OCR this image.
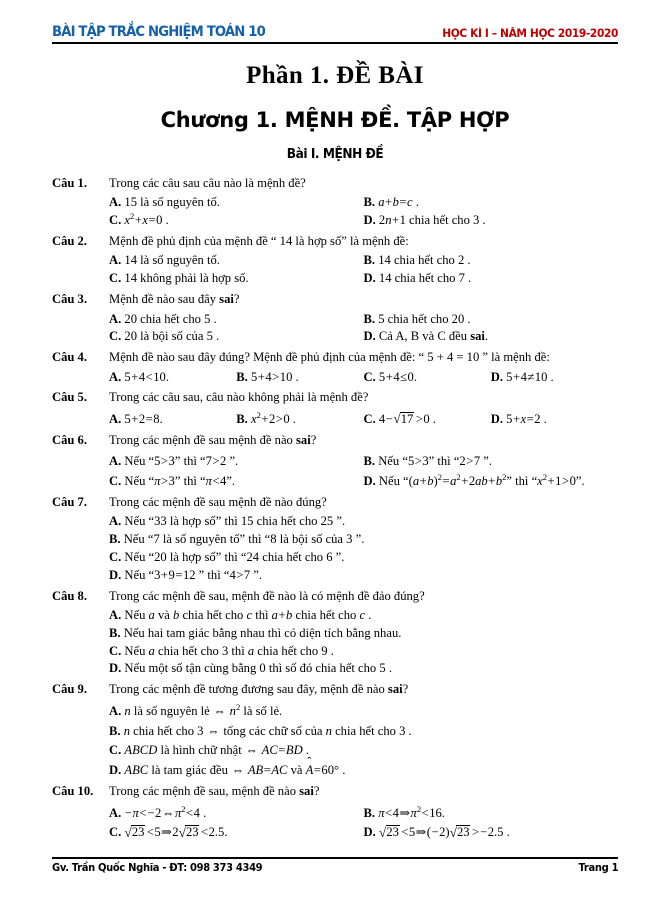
BÀI TẬP TRẮC NGHIỆM TOÁN 10	HỌC KÌ I – NĂM HỌC 2019-2020
Phần 1. ĐỀ BÀI
Chương 1. MỆNH ĐỀ. TẬP HỢP
Bài I. MỆNH ĐỀ
Câu 1.	Trong các câu sau câu nào là mệnh đề?
A. 15 là số nguyên tố.	B. a+b=c .
C. $x^2+x=0$ .	D. 2n+1 chia hết cho 3 .
Câu 2.	Mệnh đề phủ định của mệnh đề “ 14 là hợp số” là mệnh đề:
A. 14 là số nguyên tố.	B. 14 chia hết cho 2 .
C. 14 không phải là hợp số.	D. 14 chia hết cho 7 .
Câu 3.	Mệnh đề nào sau đây sai?
A. 20 chia hết cho 5 .	B. 5 chia hết cho 20 .
C. 20 là bội số của 5 .	D. Cả A, B và C đều sai.
Câu 4.	Mệnh đề nào sau đây đúng? Mệnh đề phủ định của mệnh đề: “ 5 + 4 = 10 ” là mệnh đề:
A. 5+4<10.	B. 5+4>10 .	C. 5+4≤0.	D. 5+4≠10 .
Câu 5.	Trong các câu sau, câu nào không phải là mệnh đề?
A. 5+2=8.	B. $x^2+2>0$ .	C. 4− √ 17 >0 .	D. 5+x=2 .
Câu 6.	Trong các mệnh đề sau mệnh đề nào sai?
A. Nếu “5>3” thì “7>2 ”.	B. Nếu “5>3” thì “2>7 ”.
C. Nếu “π>3” thì “π<4”.	D. Nếu “$(a+b)^2=a^2+2ab+b^2$” thì “$x^2+1>0$”.
Câu 7.	Trong các mệnh đề sau mệnh đề nào đúng?
A. Nếu “33 là hợp số” thì 15 chia hết cho 25 ”.
B. Nếu “7 là số nguyên tố” thì “8 là bội số của 3 ”.
C. Nếu “20 là hợp số” thì “24 chia hết cho 6 ”.
D. Nếu “3+9=12 ” thì “4>7 ”.
Câu 8.	Trong các mệnh đề sau, mệnh đề nào là có mệnh đề đảo đúng?
A. Nếu a và b chia hết cho c thì a+b chia hết cho c .
B. Nếu hai tam giác bằng nhau thì có diện tích bằng nhau.
C. Nếu a chia hết cho 3 thì a chia hết cho 9 .
D. Nếu một số tận cùng bằng 0 thì số đó chia hết cho 5 .
Câu 9.	Trong các mệnh đề tương đương sau đây, mệnh đề nào sai?
A. n là số nguyên lẻ ⇔ $n^2$ là số lẻ.
B. n chia hết cho 3 ⇔ tổng các chữ số của n chia hết cho 3 .
C. ABCD là hình chữ nhật ⇔ AC=BD .
D. ABC là tam giác đều ⇔ AB=AC và ˆ A=60° .
Câu 10.	Trong các mệnh đề sau, mệnh đề nào sai?
A. $-\pi<-2\Leftrightarrow\pi^2<4$ .	B. $\pi<4\Rightarrow\pi^2<16$.
C. √ 23 <5⇒2 √ 23 <2.5.	D. √ 23 <5⇒(−2) √ 23 >−2.5 .
Gv. Trần Quốc Nghĩa - ĐT: 098 373 4349	Trang 1
